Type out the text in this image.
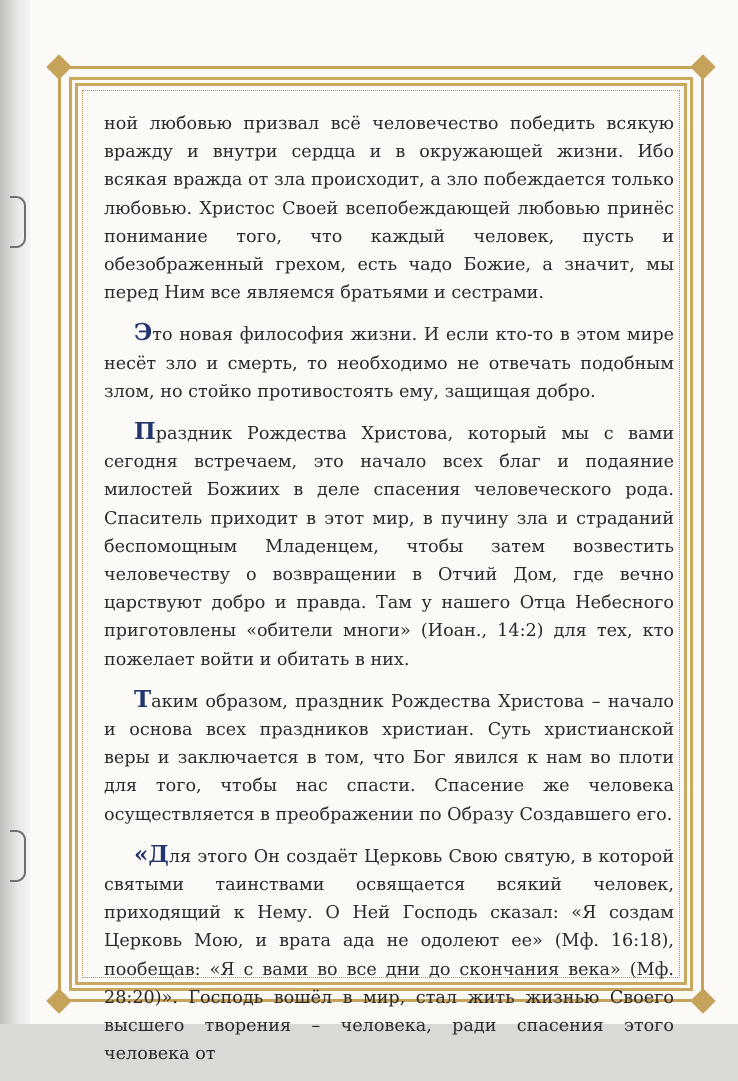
ной любовью призвал всё человечество победить всякую вражду и внутри сердца и в окружающей жизни. Ибо всякая вражда от зла происходит, а зло побеждается только любовью. Христос Своей всепобеждающей любовью принёс понимание того, что каждый человек, пусть и обезображенный грехом, есть чадо Божие, а значит, мы перед Ним все являемся братьями и сестрами.

Это новая философия жизни. И если кто-то в этом мире несёт зло и смерть, то необходимо не отвечать подобным злом, но стойко противостоять ему, защищая добро.

Праздник Рождества Христова, который мы с вами сегодня встречаем, это начало всех благ и подаяние милостей Божиих в деле спасения человеческого рода. Спаситель приходит в этот мир, в пучину зла и страданий беспомощным Младенцем, чтобы затем возвестить человечеству о возвращении в Отчий Дом, где вечно царствуют добро и правда. Там у нашего Отца Небесного приготовлены «обители многи» (Иоан., 14:2) для тех, кто пожелает войти и обитать в них.

Таким образом, праздник Рождества Христова – начало и основа всех праздников христиан. Суть христианской веры и заключается в том, что Бог явился к нам во плоти для того, чтобы нас спасти. Спасение же человека осуществляется в преображении по Образу Создавшего его.

«Для этого Он создаёт Церковь Свою святую, в которой святыми таинствами освящается всякий человек, приходящий к Нему. О Ней Господь сказал: «Я создам Церковь Мою, и врата ада не одолеют ее» (Мф. 16:18), пообещав: «Я с вами во все дни до скончания века» (Мф. 28:20)». Господь вошёл в мир, стал жить жизнью Своего высшего творения – человека, ради спасения этого человека от
